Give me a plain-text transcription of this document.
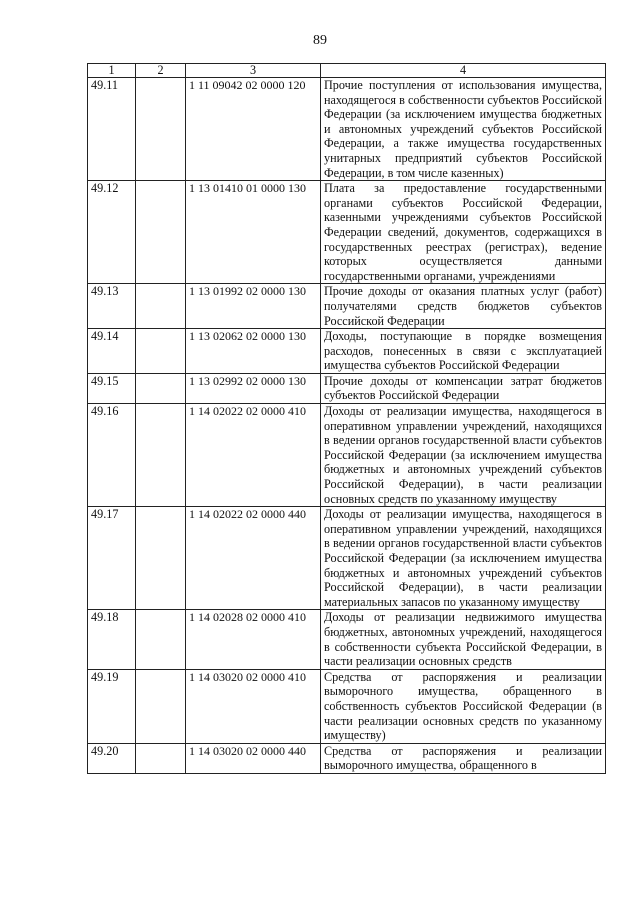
89
1	2	3	4
49.11		1 11 09042 02 0000 120	Прочие поступления от использования имущества, находящегося в собственности субъектов Российской Федерации (за исключением имущества бюджетных и автономных учреждений субъектов Российской Федерации, а также имущества государственных унитарных предприятий субъектов Российской Федерации, в том числе казенных)
49.12		1 13 01410 01 0000 130	Плата за предоставление государственными органами субъектов Российской Федерации, казенными учреждениями субъектов Российской Федерации сведений, документов, содержащихся в государственных реестрах (регистрах), ведение которых осуществляется данными государственными органами, учреждениями
49.13		1 13 01992 02 0000 130	Прочие доходы от оказания платных услуг (работ) получателями средств бюджетов субъектов Российской Федерации
49.14		1 13 02062 02 0000 130	Доходы, поступающие в порядке возмещения расходов, понесенных в связи с эксплуатацией имущества субъектов Российской Федерации
49.15		1 13 02992 02 0000 130	Прочие доходы от компенсации затрат бюджетов субъектов Российской Федерации
49.16		1 14 02022 02 0000 410	Доходы от реализации имущества, находящегося в оперативном управлении учреждений, находящихся в ведении органов государственной власти субъектов Российской Федерации (за исключением имущества бюджетных и автономных учреждений субъектов Российской Федерации), в части реализации основных средств по указанному имуществу
49.17		1 14 02022 02 0000 440	Доходы от реализации имущества, находящегося в оперативном управлении учреждений, находящихся в ведении органов государственной власти субъектов Российской Федерации (за исключением имущества бюджетных и автономных учреждений субъектов Российской Федерации), в части реализации материальных запасов по указанному имуществу
49.18		1 14 02028 02 0000 410	Доходы от реализации недвижимого имущества бюджетных, автономных учреждений, находящегося в собственности субъекта Российской Федерации, в части реализации основных средств
49.19		1 14 03020 02 0000 410	Средства от распоряжения и реализации выморочного имущества, обращенного в собственность субъектов Российской Федерации (в части реализации основных средств по указанному имуществу)
49.20		1 14 03020 02 0000 440	Средства от распоряжения и реализации выморочного имущества, обращенного в
